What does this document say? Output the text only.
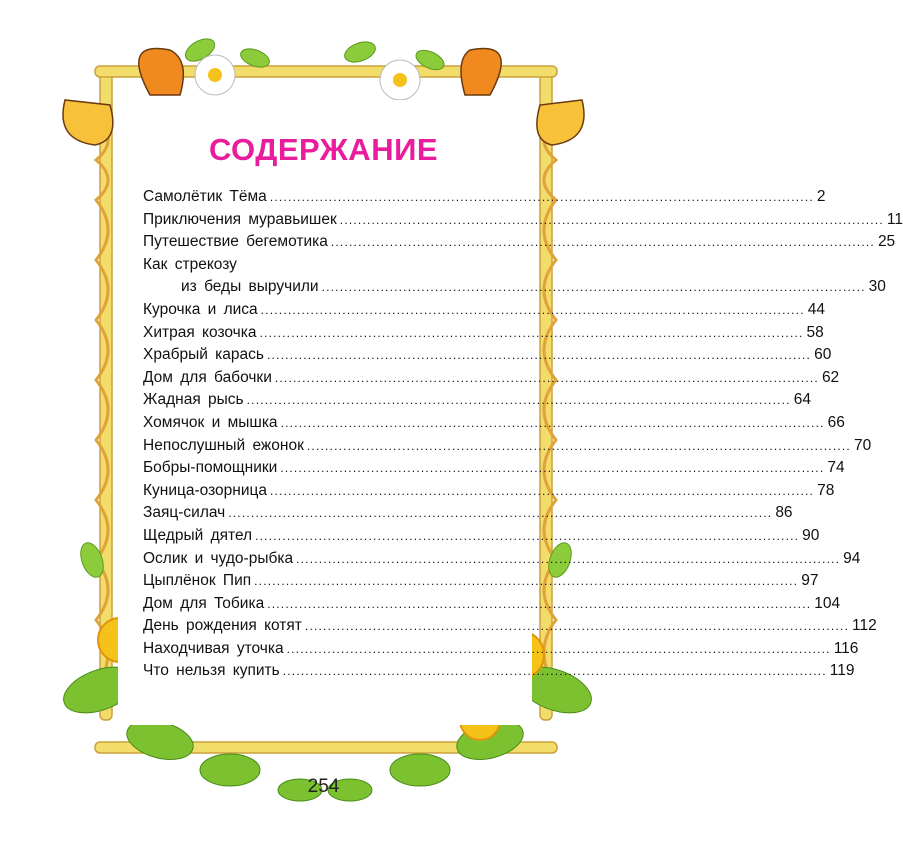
СОДЕРЖАНИЕ
Самолётик Тёма ........................................................................................................................ 2
Приключения муравьишек ........................................................................................................................ 11
Путешествие бегемотика ........................................................................................................................ 25
Как стрекозу
из беды выручили ........................................................................................................................ 30
Курочка и лиса ........................................................................................................................ 44
Хитрая козочка ........................................................................................................................ 58
Храбрый карась ........................................................................................................................ 60
Дом для бабочки ........................................................................................................................ 62
Жадная рысь ........................................................................................................................ 64
Хомячок и мышка ........................................................................................................................ 66
Непослушный ежонок ........................................................................................................................ 70
Бобры-помощники ........................................................................................................................ 74
Куница-озорница ........................................................................................................................ 78
Заяц-силач ........................................................................................................................ 86
Щедрый дятел ........................................................................................................................ 90
Ослик и чудо-рыбка ........................................................................................................................ 94
Цыплёнок Пип ........................................................................................................................ 97
Дом для Тобика ........................................................................................................................ 104
День рождения котят ........................................................................................................................ 112
Находчивая уточка ........................................................................................................................ 116
Что нельзя купить ........................................................................................................................ 119
254
